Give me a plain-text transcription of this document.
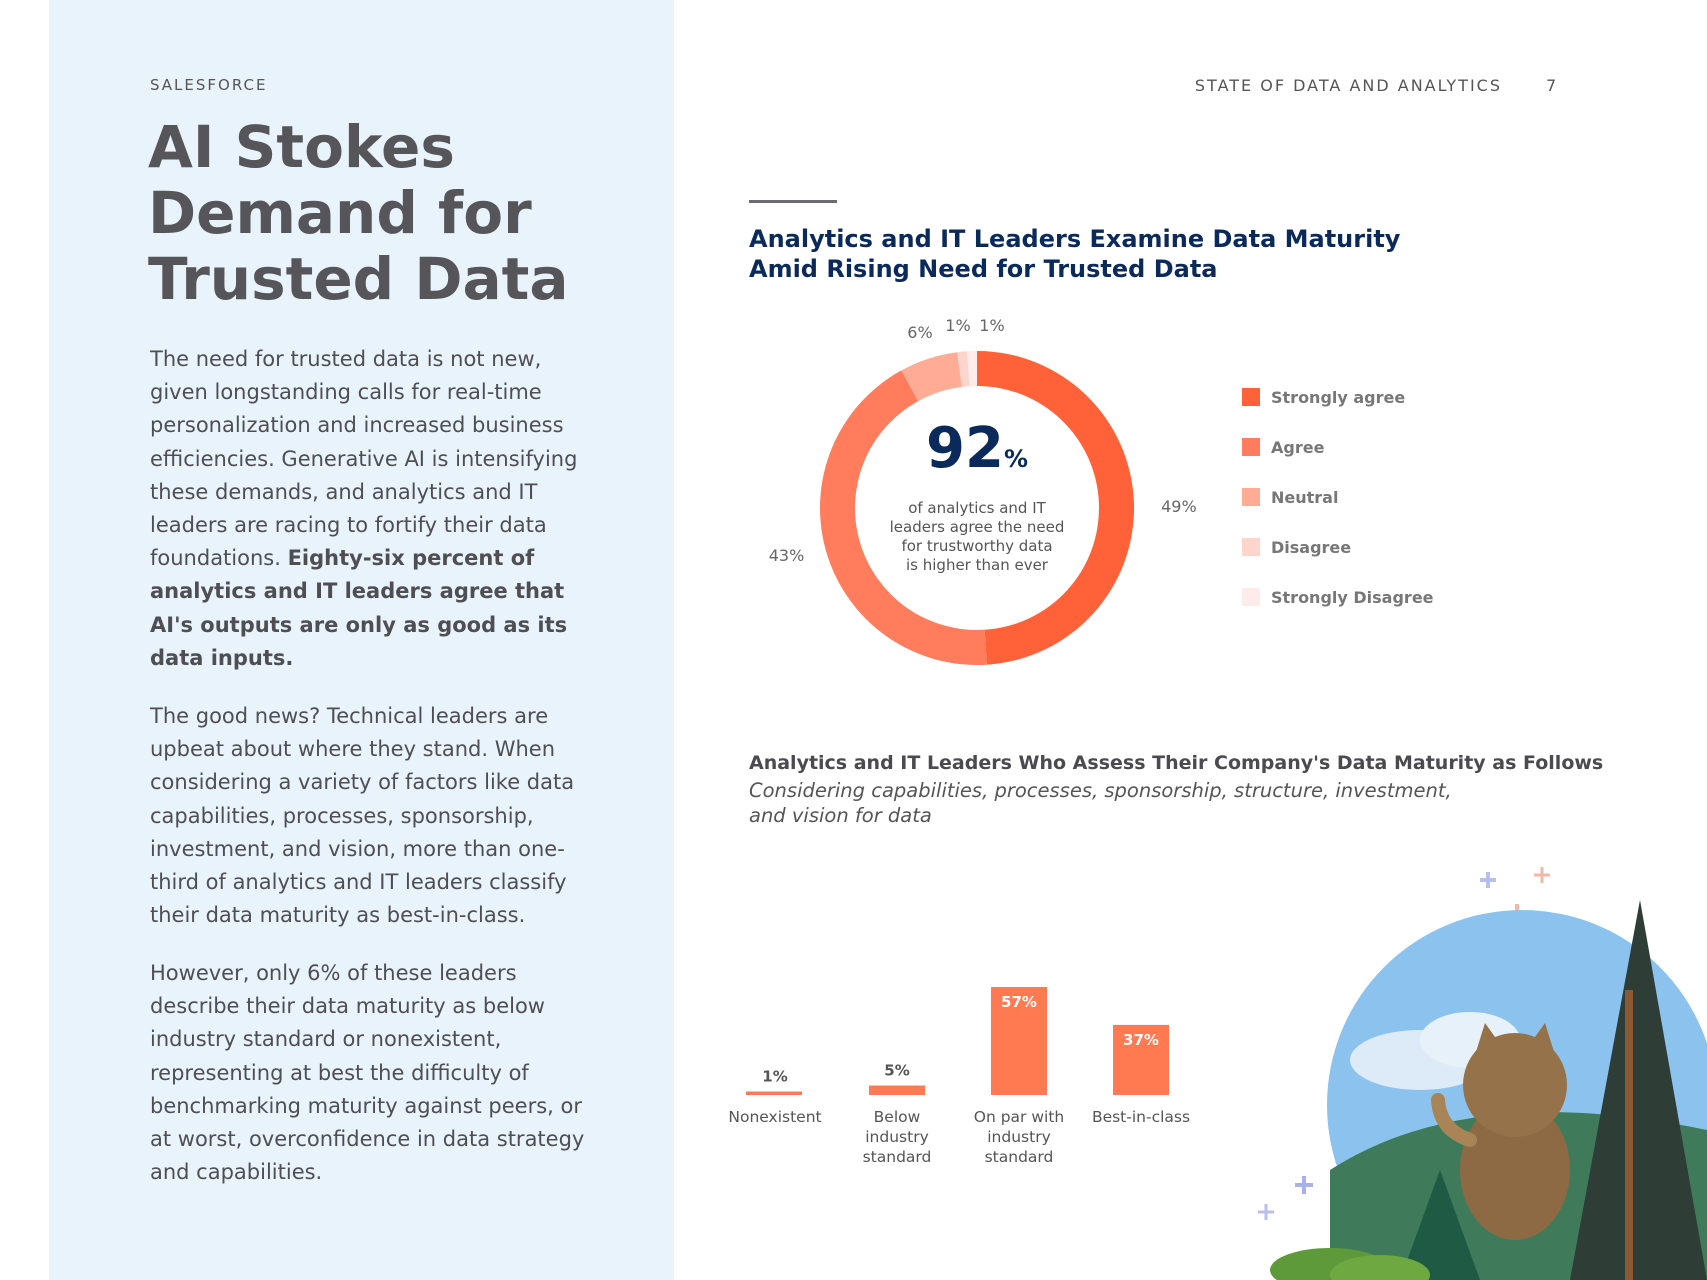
SALESFORCE
AI Stokes Demand for Trusted Data

The need for trusted data is not new, given longstanding calls for real-time personalization and increased business efficiencies. Generative AI is intensifying these demands, and analytics and IT leaders are racing to fortify their data foundations. Eighty-six percent of analytics and IT leaders agree that AI's outputs are only as good as its data inputs.

The good news? Technical leaders are upbeat about where they stand. When considering a variety of factors like data capabilities, processes, sponsorship, investment, and vision, more than one-third of analytics and IT leaders classify their data maturity as best-in-class.

However, only 6% of these leaders describe their data maturity as below industry standard or nonexistent, representing at best the difficulty of benchmarking maturity against peers, or at worst, overconfidence in data strategy and capabilities.

STATE OF DATA AND ANALYTICS	7
Analytics and IT Leaders Examine Data Maturity Amid Rising Need for Trusted Data
49%
43%
6% 1% 1%
92%
of analytics and IT leaders agree the need for trustworthy data is higher than ever
Strongly agree
Agree
Neutral
Disagree
Strongly Disagree
Analytics and IT Leaders Who Assess Their Company's Data Maturity as Follows

Considering capabilities, processes, sponsorship, structure, investment, and vision for data

1%
Nonexistent
5%
Below industry standard
57%
On par with industry standard
37%
Best-in-class
